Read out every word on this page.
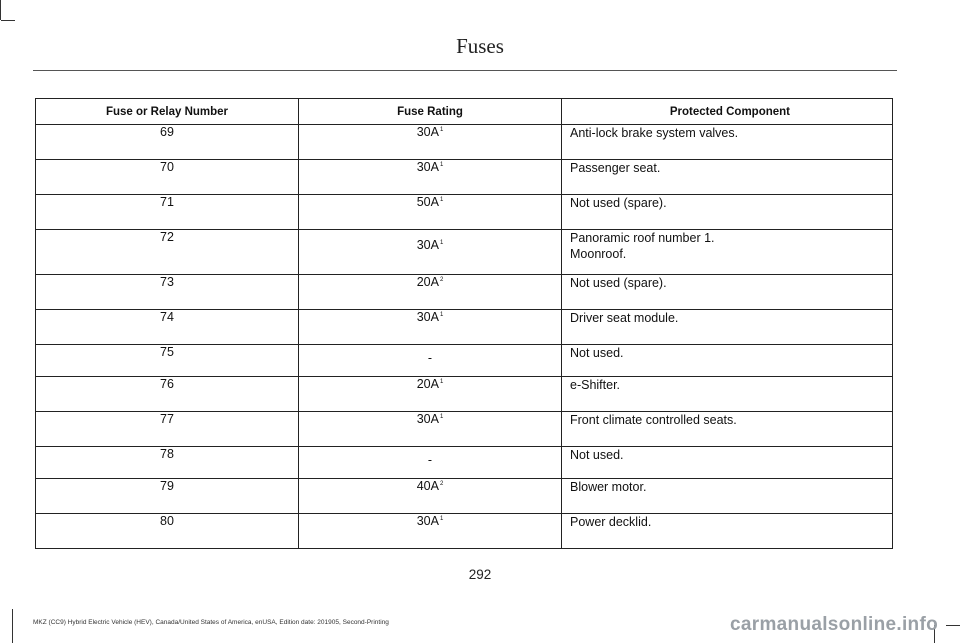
Fuses
Fuse or Relay Number	Fuse Rating	Protected Component
69	30A$^1$	Anti-lock brake system valves.

70	30A$^1$	Passenger seat.

71	50A$^1$	Not used (spare).

72	30A$^1$	Panoramic roof number 1.
Moonroof.

73	20A$^2$	Not used (spare).

74	30A$^1$	Driver seat module.

75	-	Not used.

76	20A$^1$	e-Shifter.

77	30A$^1$	Front climate controlled seats.

78	-	Not used.

79	40A$^2$	Blower motor.

80	30A$^1$	Power decklid.
292
MKZ (CC9) Hybrid Electric Vehicle (HEV), Canada/United States of America, enUSA, Edition date: 201905, Second-Printing	carmanualsonline.info
